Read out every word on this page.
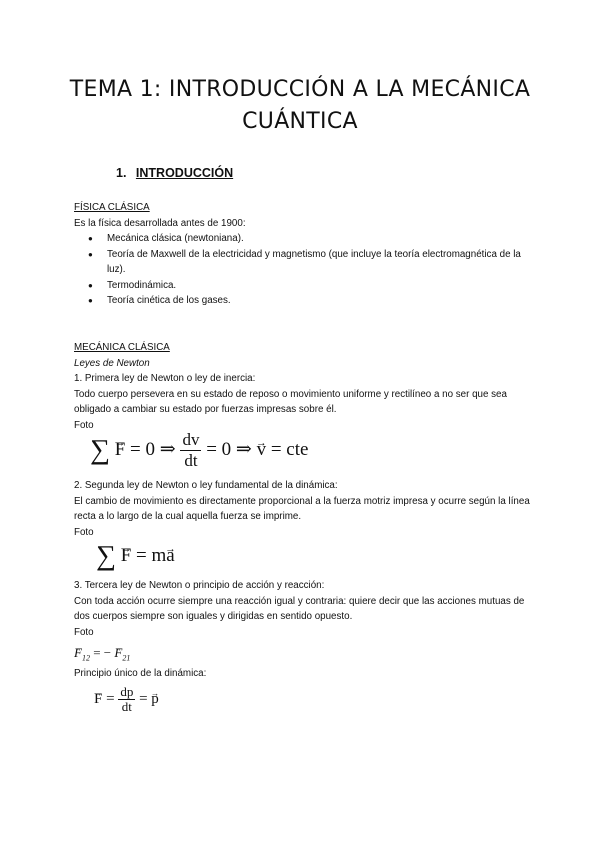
TEMA 1: INTRODUCCIÓN A LA MECÁNICA
CUÁNTICA
1. INTRODUCCIÓN

FÍSICA CLÁSICA

Es la física desarrollada antes de 1900:

● Mecánica clásica (newtoniana).
● Teoría de Maxwell de la electricidad y magnetismo (que incluye la teoría electromagnética de la luz).
● Termodinámica.
● Teoría cinética de los gases.

MECÁNICA CLÁSICA

Leyes de Newton

1. Primera ley de Newton o ley de inercia:

Todo cuerpo persevera en su estado de reposo o movimiento uniforme y rectilíneo a no ser que sea obligado a cambiar su estado por fuerzas impresas sobre él.

Foto

∑ → F = 0 ⇒ $\frac{dv}{dt} = 0$ ⇒ → v = cte

2. Segunda ley de Newton o ley fundamental de la dinámica:

El cambio de movimiento es directamente proporcional a la fuerza motriz impresa y ocurre según la línea recta a lo largo de la cual aquella fuerza se imprime.

Foto

∑ → F = m→ a

3. Tercera ley de Newton o principio de acción y reacción:

Con toda acción ocurre siempre una reacción igual y contraria: quiere decir que las acciones mutuas de dos cuerpos siempre son iguales y dirigidas en sentido opuesto.

Foto

→ $F_{12}$ = − → $F_{21}$

Principio único de la dinámica:

→ $F = \frac{dp}{dt}$ = → p
